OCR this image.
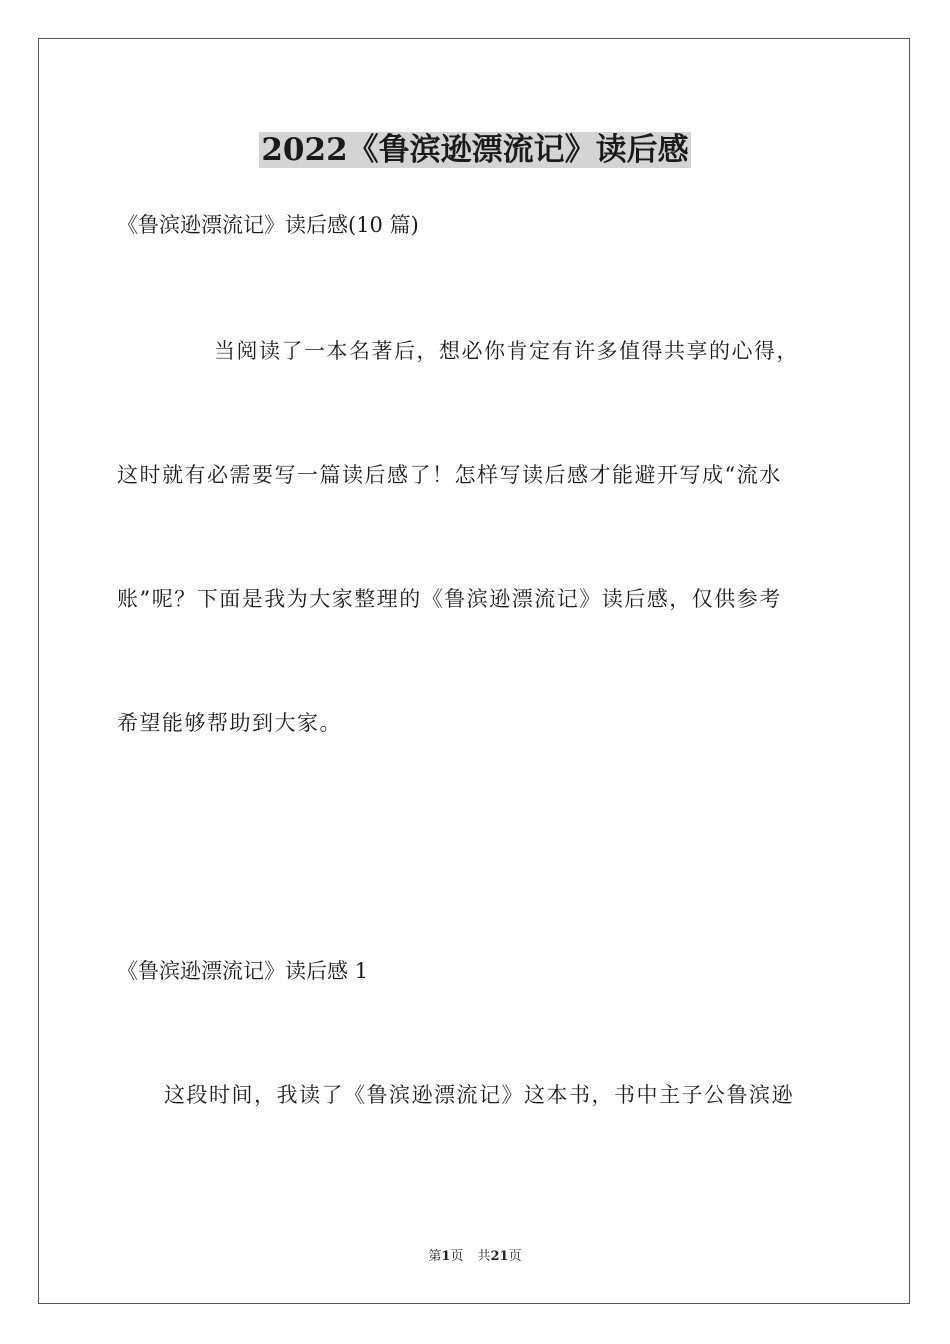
2022《鲁滨逊漂流记》读后感
《鲁滨逊漂流记》读后感(10 篇)
当阅读了一本名著后，想必你肯定有许多值得共享的心得，
这时就有必需要写一篇读后感了！怎样写读后感才能避开写成“流水
账”呢？下面是我为大家整理的《鲁滨逊漂流记》读后感，仅供参考
希望能够帮助到大家。
《鲁滨逊漂流记》读后感 1
这段时间，我读了《鲁滨逊漂流记》这本书，书中主子公鲁滨逊
第1页 共21页
